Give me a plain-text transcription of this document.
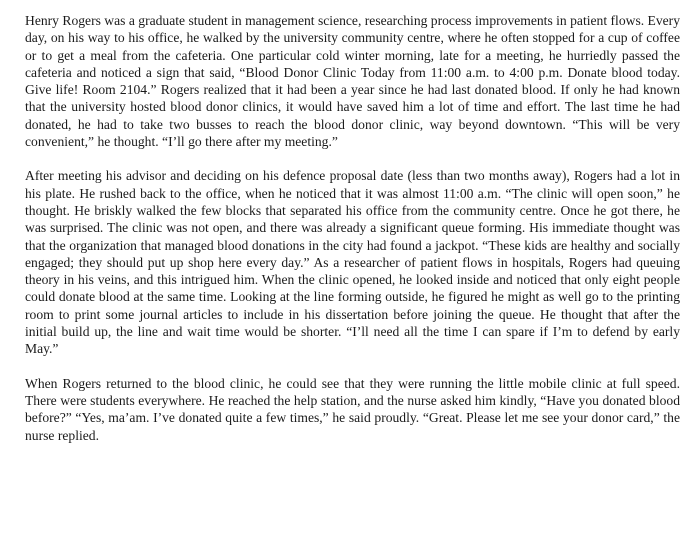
Henry Rogers was a graduate student in management science, researching process improvements in patient flows. Every day, on his way to his office, he walked by the university community centre, where he often stopped for a cup of coffee or to get a meal from the cafeteria. One particular cold winter morning, late for a meeting, he hurriedly passed the cafeteria and noticed a sign that said, “Blood Donor Clinic Today from 11:00 a.m. to 4:00 p.m. Donate blood today. Give life! Room 2104.” Rogers realized that it had been a year since he had last donated blood. If only he had known that the university hosted blood donor clinics, it would have saved him a lot of time and effort. The last time he had donated, he had to take two busses to reach the blood donor clinic, way beyond downtown. “This will be very convenient,” he thought. “I’ll go there after my meeting.”

After meeting his advisor and deciding on his defence proposal date (less than two months away), Rogers had a lot in his plate. He rushed back to the office, when he noticed that it was almost 11:00 a.m. “The clinic will open soon,” he thought. He briskly walked the few blocks that separated his office from the community centre. Once he got there, he was surprised. The clinic was not open, and there was already a significant queue forming. His immediate thought was that the organization that managed blood donations in the city had found a jackpot. “These kids are healthy and socially engaged; they should put up shop here every day.” As a researcher of patient flows in hospitals, Rogers had queuing theory in his veins, and this intrigued him. When the clinic opened, he looked inside and noticed that only eight people could donate blood at the same time. Looking at the line forming outside, he figured he might as well go to the printing room to print some journal articles to include in his dissertation before joining the queue. He thought that after the initial build up, the line and wait time would be shorter. “I’ll need all the time I can spare if I’m to defend by early May.”

When Rogers returned to the blood clinic, he could see that they were running the little mobile clinic at full speed. There were students everywhere. He reached the help station, and the nurse asked him kindly, “Have you donated blood before?” “Yes, ma’am. I’ve donated quite a few times,” he said proudly. “Great. Please let me see your donor card,” the nurse replied.
